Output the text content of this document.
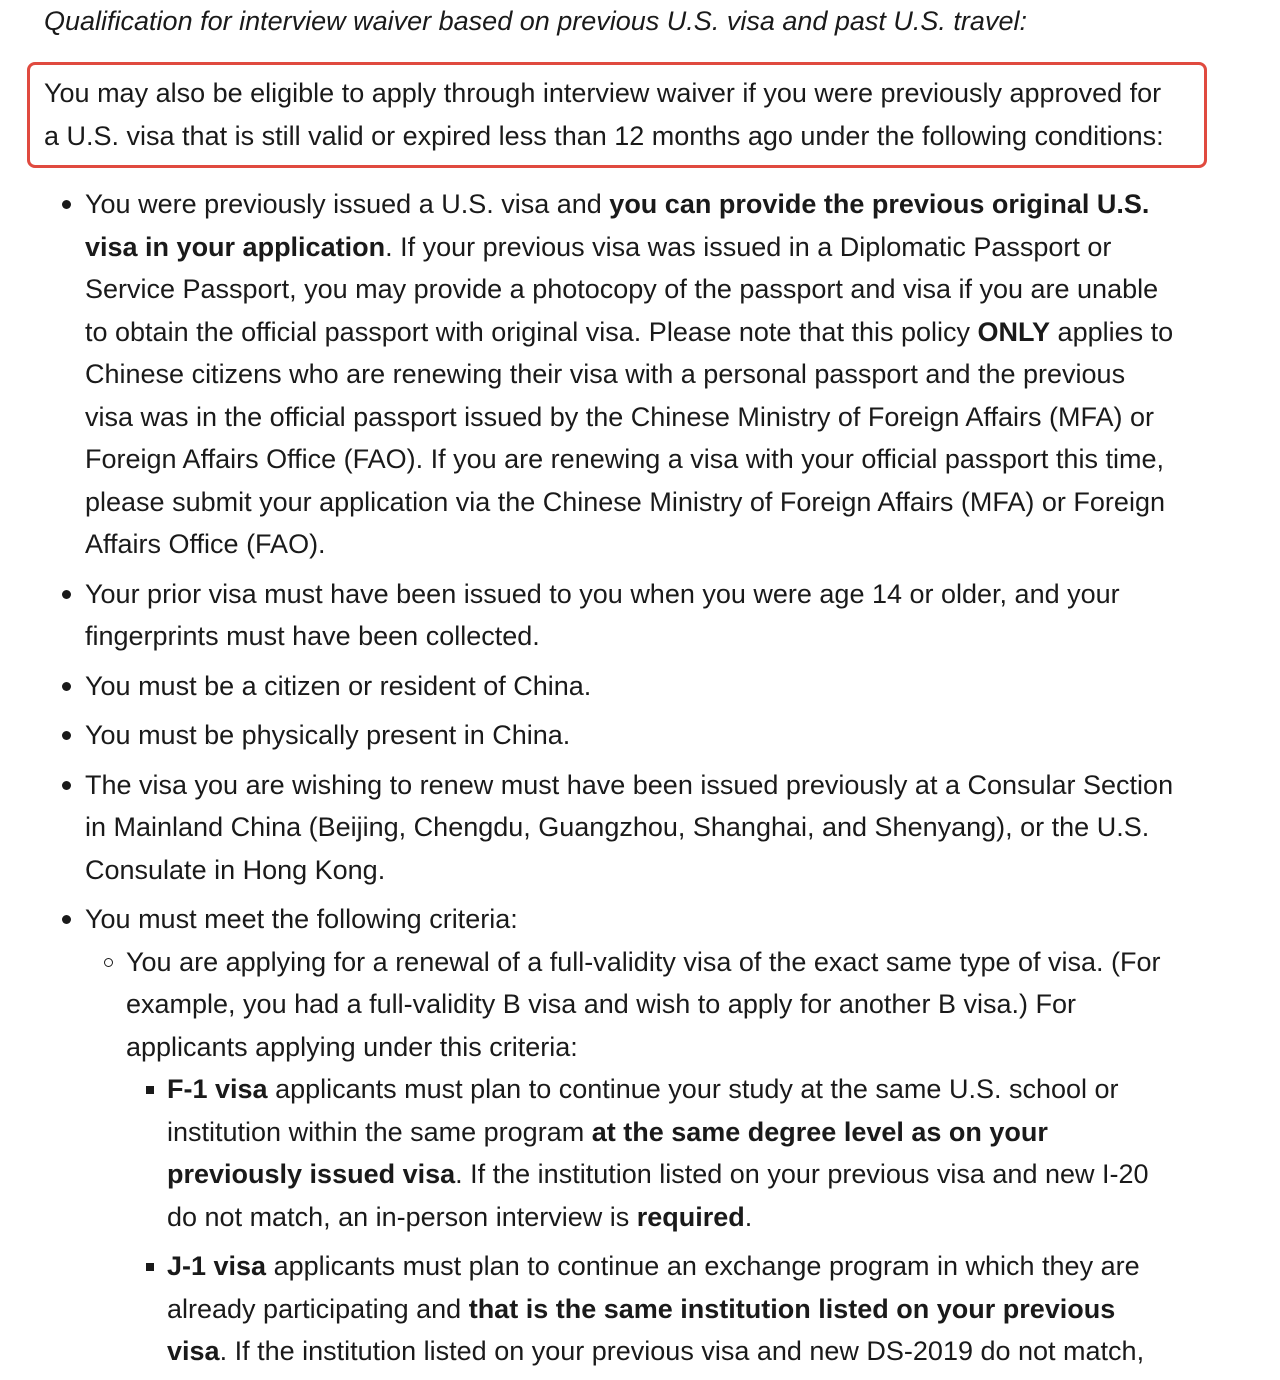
Qualification for interview waiver based on previous U.S. visa and past U.S. travel:
You may also be eligible to apply through interview waiver if you were previously approved for
a U.S. visa that is still valid or expired less than 12 months ago under the following conditions:
You were previously issued a U.S. visa and you can provide the previous original U.S.
visa in your application. If your previous visa was issued in a Diplomatic Passport or
Service Passport, you may provide a photocopy of the passport and visa if you are unable
to obtain the official passport with original visa. Please note that this policy ONLY applies to
Chinese citizens who are renewing their visa with a personal passport and the previous
visa was in the official passport issued by the Chinese Ministry of Foreign Affairs (MFA) or
Foreign Affairs Office (FAO). If you are renewing a visa with your official passport this time,
please submit your application via the Chinese Ministry of Foreign Affairs (MFA) or Foreign
Affairs Office (FAO).
Your prior visa must have been issued to you when you were age 14 or older, and your
fingerprints must have been collected.
You must be a citizen or resident of China.
You must be physically present in China.
The visa you are wishing to renew must have been issued previously at a Consular Section
in Mainland China (Beijing, Chengdu, Guangzhou, Shanghai, and Shenyang), or the U.S.
Consulate in Hong Kong.
You must meet the following criteria:
You are applying for a renewal of a full-validity visa of the exact same type of visa. (For
example, you had a full-validity B visa and wish to apply for another B visa.) For
applicants applying under this criteria:
F-1 visa applicants must plan to continue your study at the same U.S. school or
institution within the same program at the same degree level as on your
previously issued visa. If the institution listed on your previous visa and new I-20
do not match, an in-person interview is required.
J-1 visa applicants must plan to continue an exchange program in which they are
already participating and that is the same institution listed on your previous
visa. If the institution listed on your previous visa and new DS-2019 do not match,
